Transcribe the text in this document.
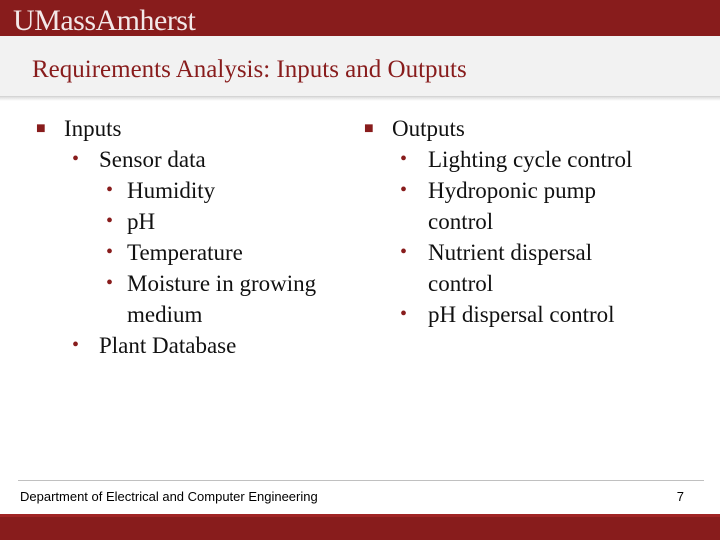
UMassAmherst
Requirements Analysis: Inputs and Outputs
■ Inputs
• Sensor data
• Humidity
• pH
• Temperature
• Moisture in growing medium
• Plant Database
■ Outputs
• Lighting cycle control
• Hydroponic pump control
• Nutrient dispersal control
• pH dispersal control
Department of Electrical and Computer Engineering	7
